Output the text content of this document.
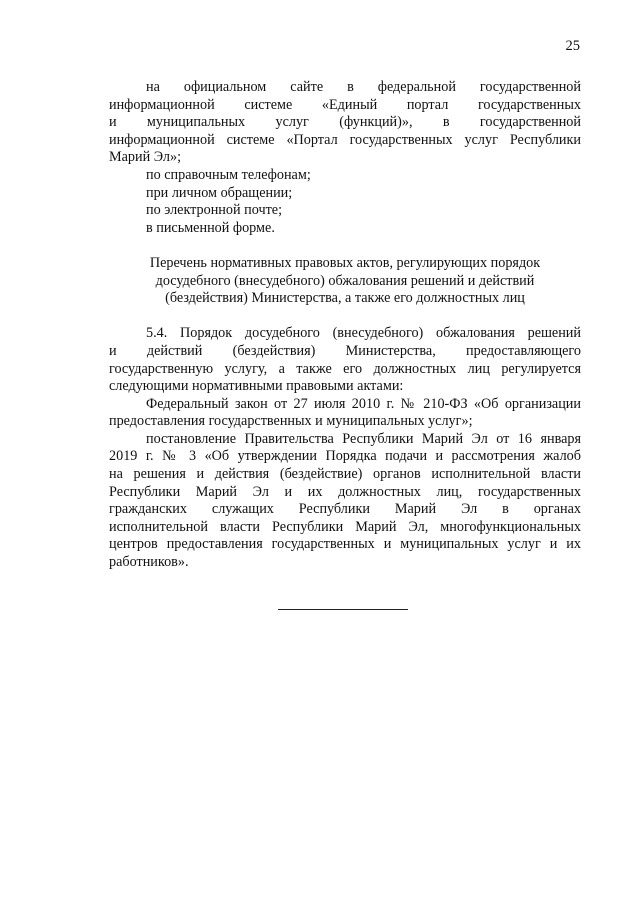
25
на официальном сайте в федеральной государственной
информационной системе «Единый портал государственных
и муниципальных услуг (функций)», в государственной
информационной системе «Портал государственных услуг Республики
Марий Эл»;
по справочным телефонам;
при личном обращении;
по электронной почте;
в письменной форме.
Перечень нормативных правовых актов, регулирующих порядок
досудебного (внесудебного) обжалования решений и действий
(бездействия) Министерства, а также его должностных лиц
5.4. Порядок досудебного (внесудебного) обжалования решений
и действий (бездействия) Министерства, предоставляющего
государственную услугу, а также его должностных лиц регулируется
следующими нормативными правовыми актами:
Федеральный закон от 27 июля 2010 г. № 210-ФЗ «Об организации
предоставления государственных и муниципальных услуг»;
постановление Правительства Республики Марий Эл от 16 января
2019 г. № 3 «Об утверждении Порядка подачи и рассмотрения жалоб
на решения и действия (бездействие) органов исполнительной власти
Республики Марий Эл и их должностных лиц, государственных
гражданских служащих Республики Марий Эл в органах
исполнительной власти Республики Марий Эл, многофункциональных
центров предоставления государственных и муниципальных услуг и их
работников».
